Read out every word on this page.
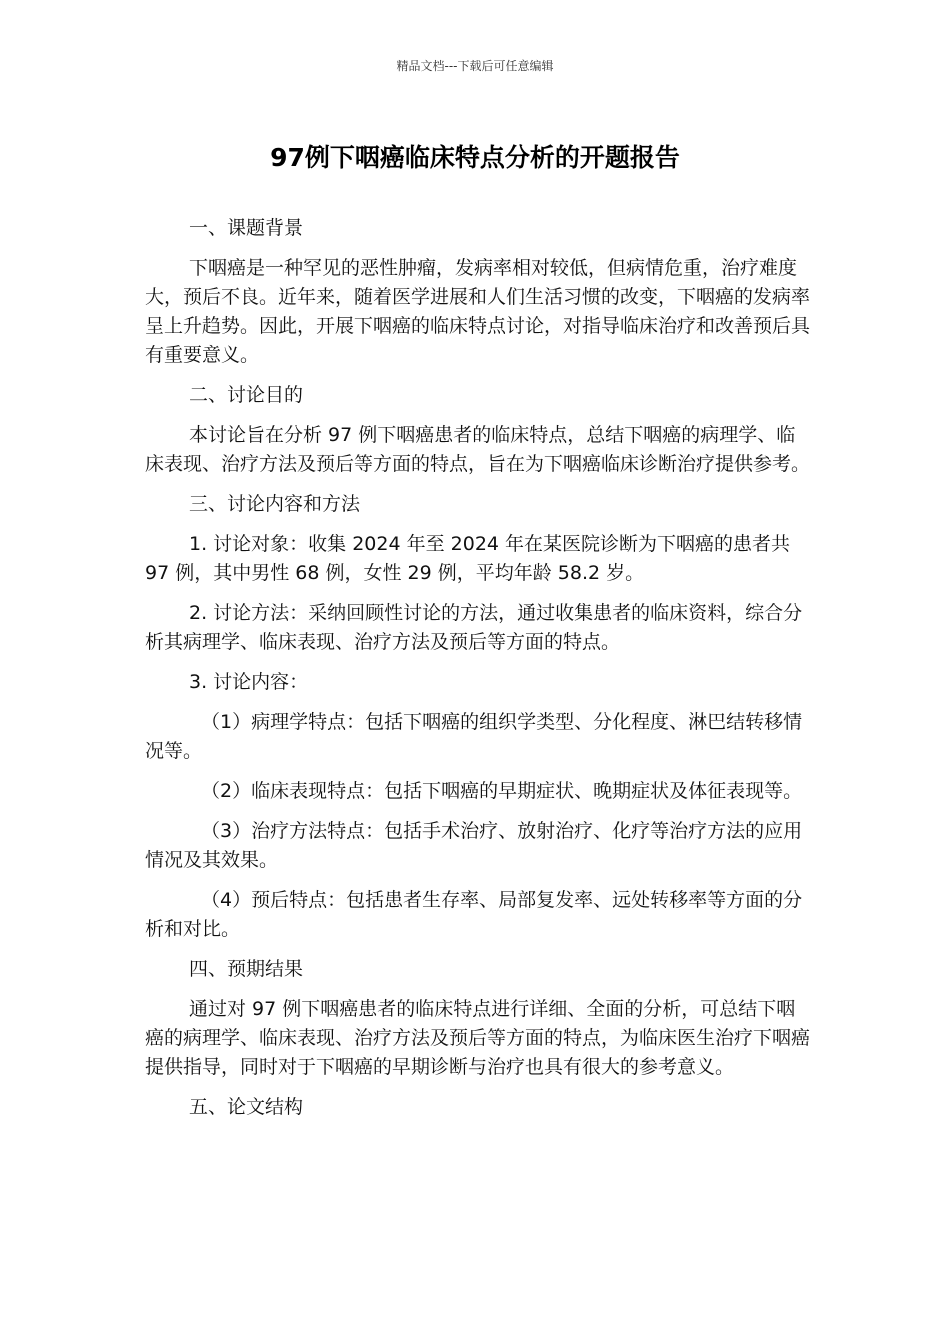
精品文档---下载后可任意编辑
97例下咽癌临床特点分析的开题报告

一、课题背景

下咽癌是一种罕见的恶性肿瘤，发病率相对较低，但病情危重，治疗难度大，预后不良。近年来，随着医学进展和人们生活习惯的改变，下咽癌的发病率呈上升趋势。因此，开展下咽癌的临床特点讨论，对指导临床治疗和改善预后具有重要意义。

二、讨论目的

本讨论旨在分析 97 例下咽癌患者的临床特点，总结下咽癌的病理学、临床表现、治疗方法及预后等方面的特点，旨在为下咽癌临床诊断治疗提供参考。

三、讨论内容和方法

1. 讨论对象：收集 2024 年至 2024 年在某医院诊断为下咽癌的患者共 97 例，其中男性 68 例，女性 29 例，平均年龄 58.2 岁。

2. 讨论方法：采纳回顾性讨论的方法，通过收集患者的临床资料，综合分析其病理学、临床表现、治疗方法及预后等方面的特点。

3. 讨论内容：

（1）病理学特点：包括下咽癌的组织学类型、分化程度、淋巴结转移情况等。

（2）临床表现特点：包括下咽癌的早期症状、晚期症状及体征表现等。

（3）治疗方法特点：包括手术治疗、放射治疗、化疗等治疗方法的应用情况及其效果。

（4）预后特点：包括患者生存率、局部复发率、远处转移率等方面的分析和对比。

四、预期结果

通过对 97 例下咽癌患者的临床特点进行详细、全面的分析，可总结下咽癌的病理学、临床表现、治疗方法及预后等方面的特点，为临床医生治疗下咽癌提供指导，同时对于下咽癌的早期诊断与治疗也具有很大的参考意义。

五、论文结构
